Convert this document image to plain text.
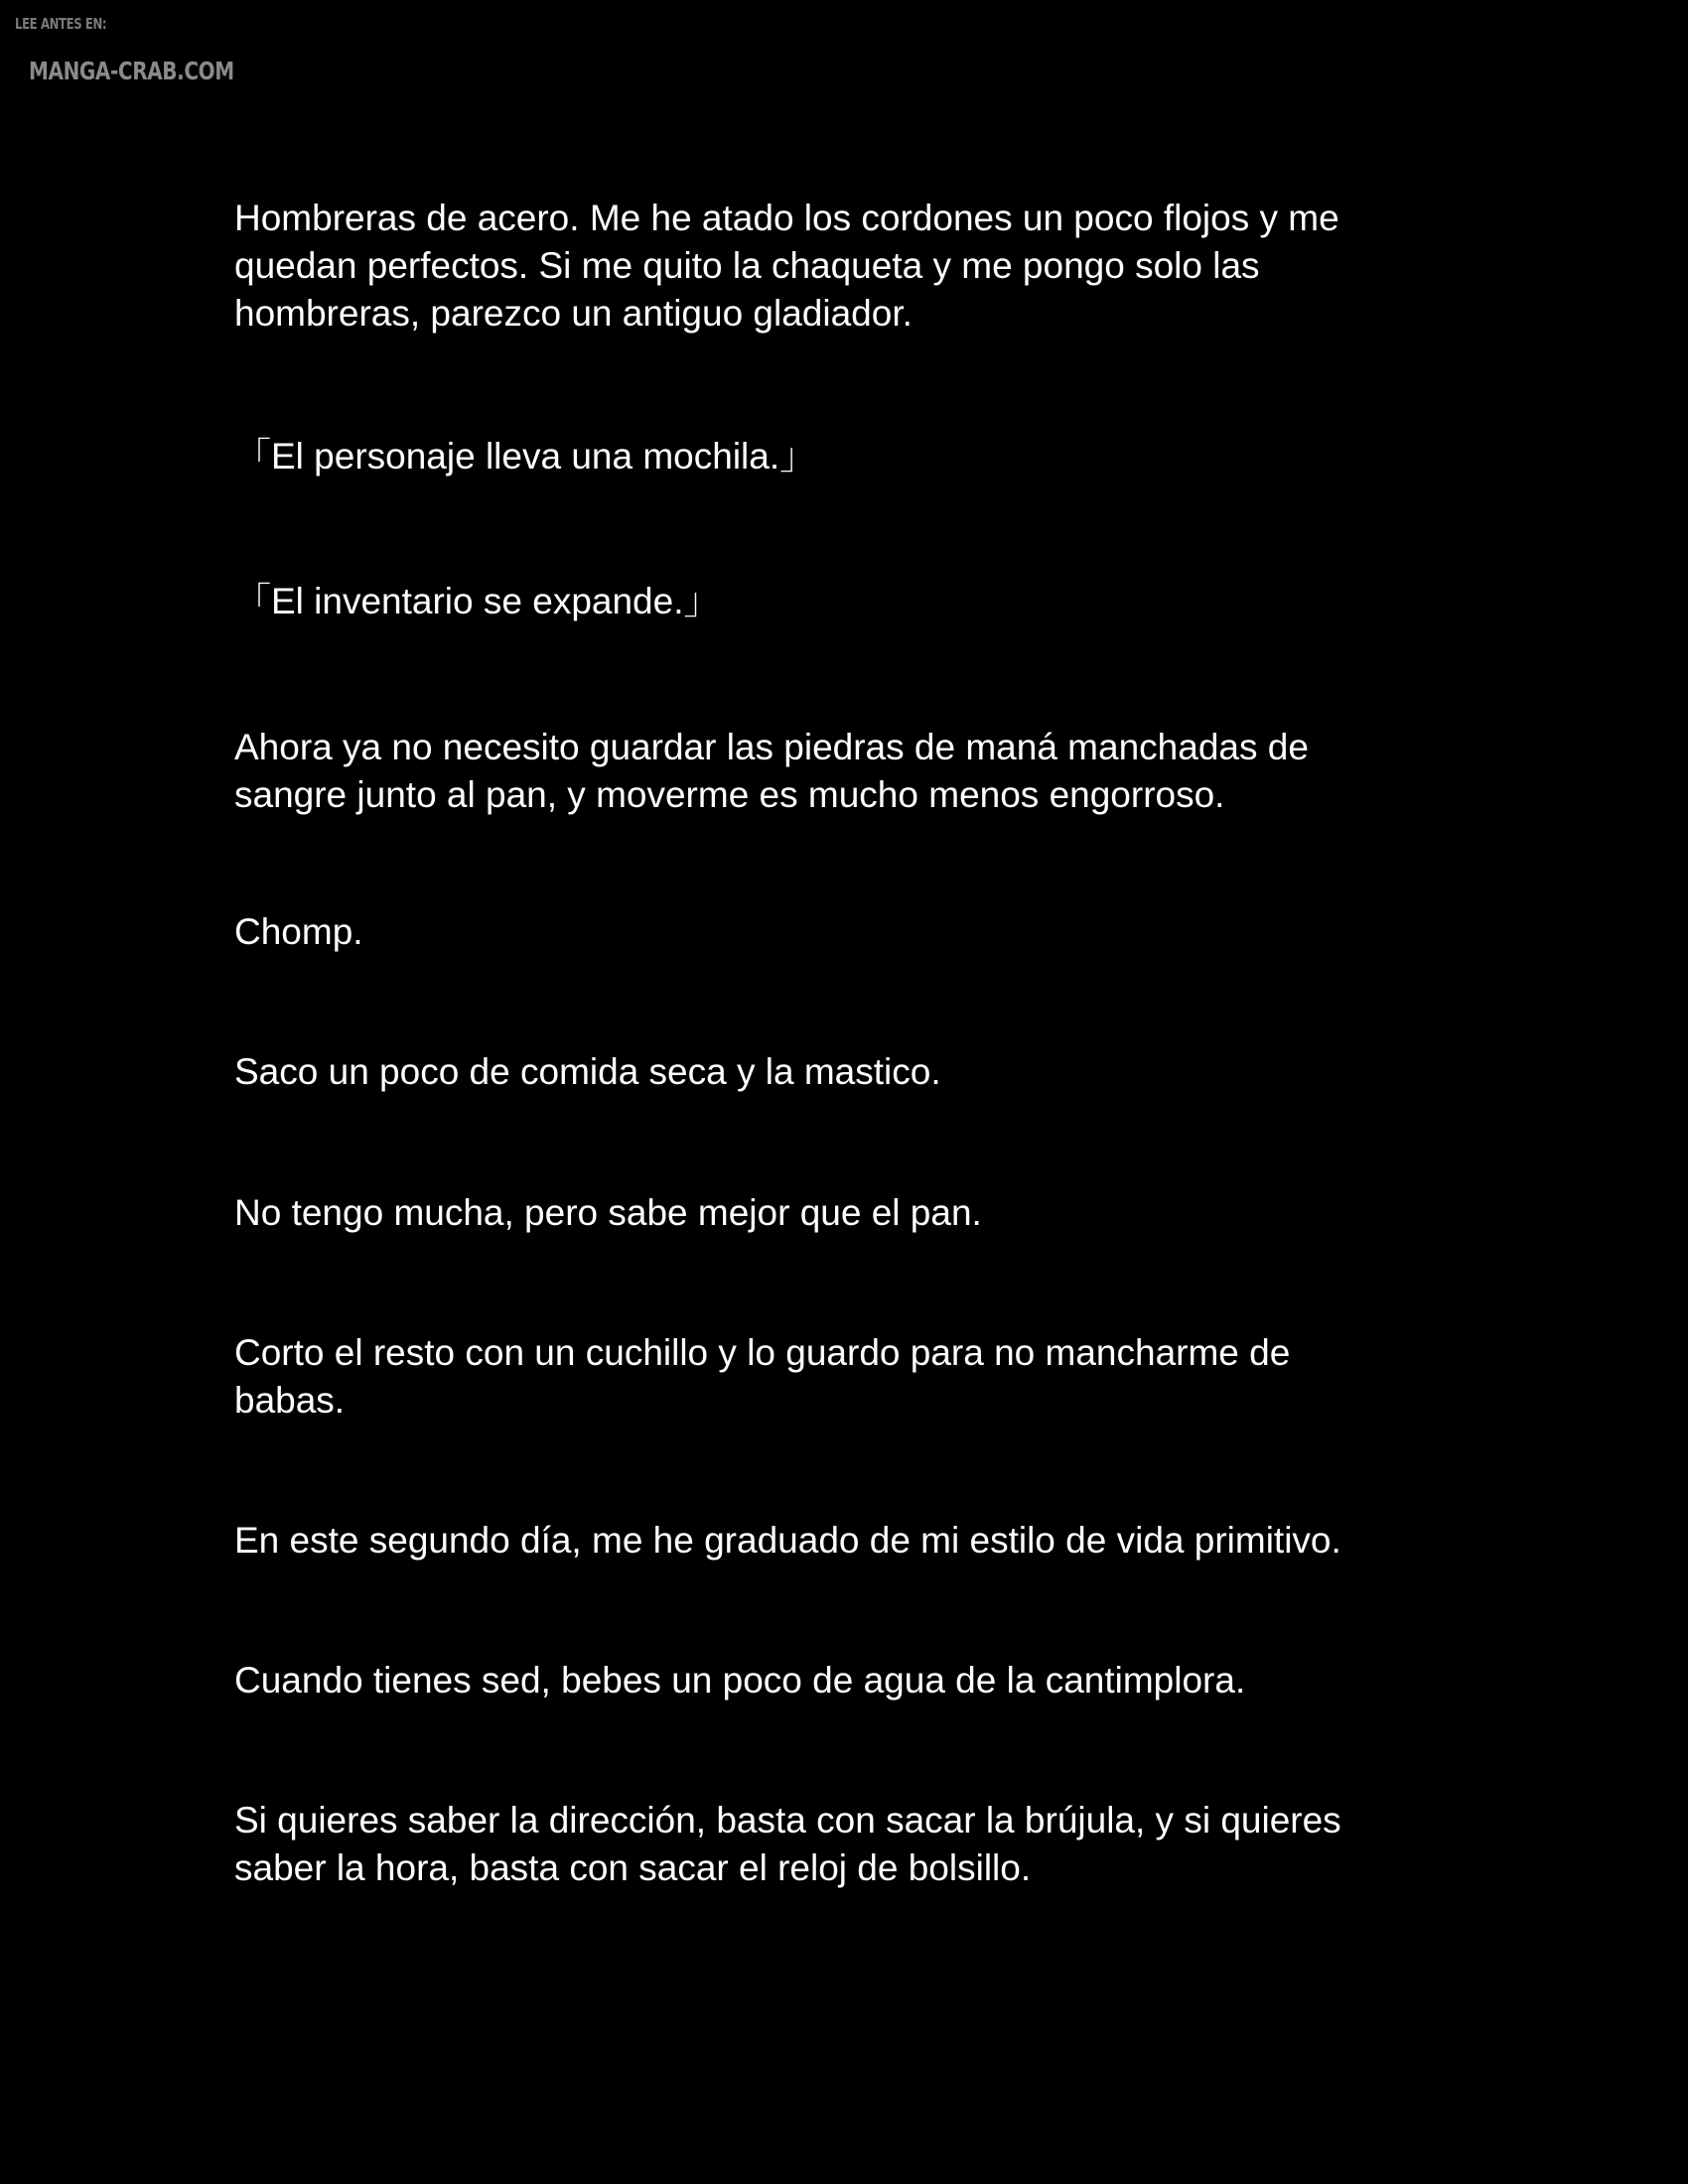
LEE ANTES EN:
MANGA-CRAB.COM

Hombreras de acero. Me he atado los cordones un poco flojos y me
quedan perfectos. Si me quito la chaqueta y me pongo solo las
hombreras, parezco un antiguo gladiador.

「El personaje lleva una mochila.」

「El inventario se expande.」

Ahora ya no necesito guardar las piedras de maná manchadas de
sangre junto al pan, y moverme es mucho menos engorroso.

Chomp.

Saco un poco de comida seca y la mastico.

No tengo mucha, pero sabe mejor que el pan.

Corto el resto con un cuchillo y lo guardo para no mancharme de
babas.

En este segundo día, me he graduado de mi estilo de vida primitivo.

Cuando tienes sed, bebes un poco de agua de la cantimplora.

Si quieres saber la dirección, basta con sacar la brújula, y si quieres
saber la hora, basta con sacar el reloj de bolsillo.
